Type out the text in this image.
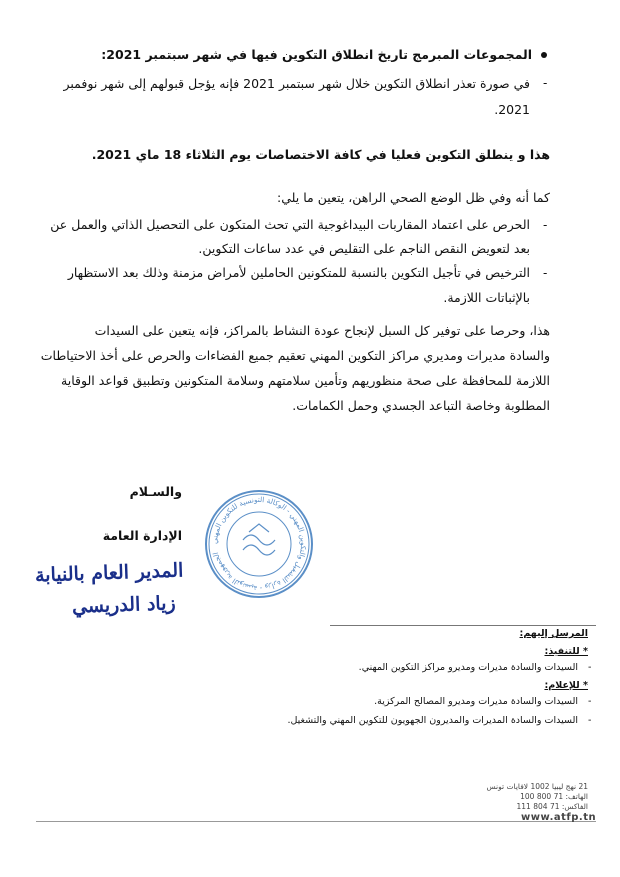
المجموعات المبرمج تاريخ انطلاق التكوين فيها في شهر سبتمبر 2021:
-
في صورة تعذر انطلاق التكوين خلال شهر سبتمبر 2021 فإنه يؤجل قبولهم إلى شهر نوفمبر
2021.
هذا و ينطلق التكوين فعليا في كافة الاختصاصات يوم الثلاثاء 18 ماي 2021.
كما أنه وفي ظل الوضع الصحي الراهن، يتعين ما يلي:
-
الحرص على اعتماد المقاربات البيداغوجية التي تحث المتكون على التحصيل الذاتي والعمل عن
بعد لتعويض النقص الناجم على التقليص في عدد ساعات التكوين.
-
الترخيص في تأجيل التكوين بالنسبة للمتكونين الحاملين لأمراض مزمنة وذلك بعد الاستظهار
بالإثباتات اللازمة.
هذا، وحرصا على توفير كل السبل لإنجاح عودة النشاط بالمراكز، فإنه يتعين على السيدات
والسادة مديرات ومديري مراكز التكوين المهني تعقيم جميع الفضاءات والحرص على أخذ الاحتياطات
اللازمة للمحافظة على صحة منظوريهم وتأمين سلامتهم وسلامة المتكونين وتطبيق قواعد الوقاية
المطلوبة وخاصة التباعد الجسدي وحمل الكمامات.
والسـلام
الإدارة العامة
المدير العام بالنيابة
زياد الدريسي
الجمهورية التونسية - وزارة التشغيل والتكوين المهني - الوكالة التونسية للتكوين المهني
المرسل إليهم:
* للتنفيذ:
-
السيدات والسادة مديرات ومديرو مراكز التكوين المهني.
* للإعلام:
-
السيدات والسادة مديرات ومديرو المصالح المركزية.
-
السيدات والسادة المديرات والمديرون الجهويون للتكوين المهني والتشغيل.
21 نهج ليبيا 1002 لافايات تونس
الهاتف: 71 800 100
الفاكس: 71 804 111
www.atfp.tn
